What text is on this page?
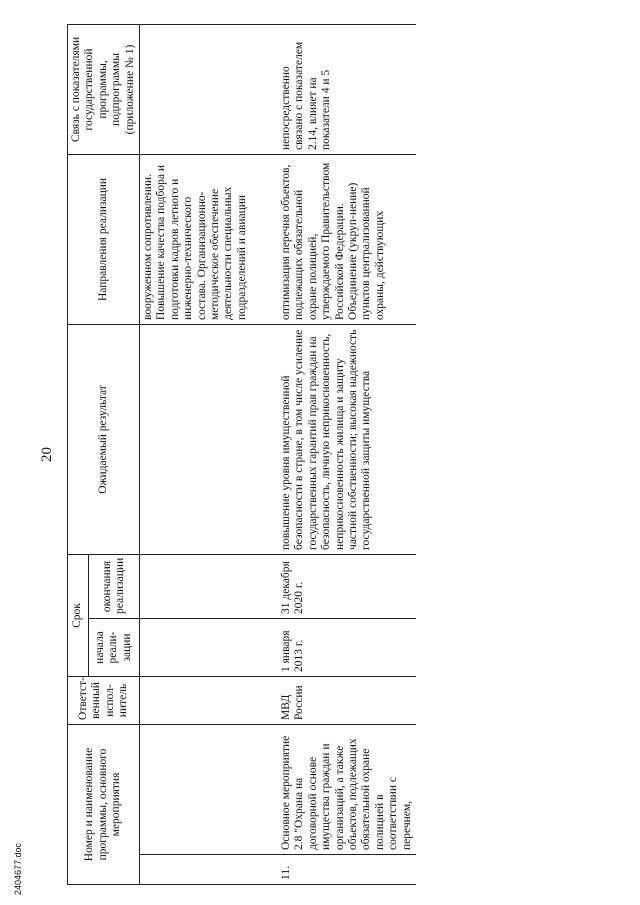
20
2404677.doc
Номер и наименование программы, основного мероприятия		Ответст-венный испол-нитель	Срок		Ожидаемый результат	Направления реализации	Связь с показателями государственной программы, подпрограммы (приложение № 1)
			начала реали-зации	окончания реализации			
						вооруженном сопротивлении. Повышение качества подбора и подготовки кадров летного и инженерно-технического состава. Организационно-методическое обеспечение деятельности специальных подразделений и авиации	
11.	Основное мероприятие 2.8 "Охрана на договорной основе имущества граждан и организаций, а также объектов, подлежащих обязательной охране полицией в соответствии с перечнем,	МВД России	1 января 2013 г.	31 декабря 2020 г.	повышение уровня имущественной безопасности в стране, в том числе усиление государственных гарантий прав граждан на безопасность, личную неприкосновенность, неприкосновенность жилища и защиту частной собственности; высокая надежность государственной защиты имущества	оптимизация перечня объектов, подлежащих обязательной охране полицией, утверждаемого Правительством Российской Федерации. Объединение (укруп-нение) пунктов централизованной охраны, действующих	непосредственно связано с показателем 2.14, влияет на показатели 4 и 5
